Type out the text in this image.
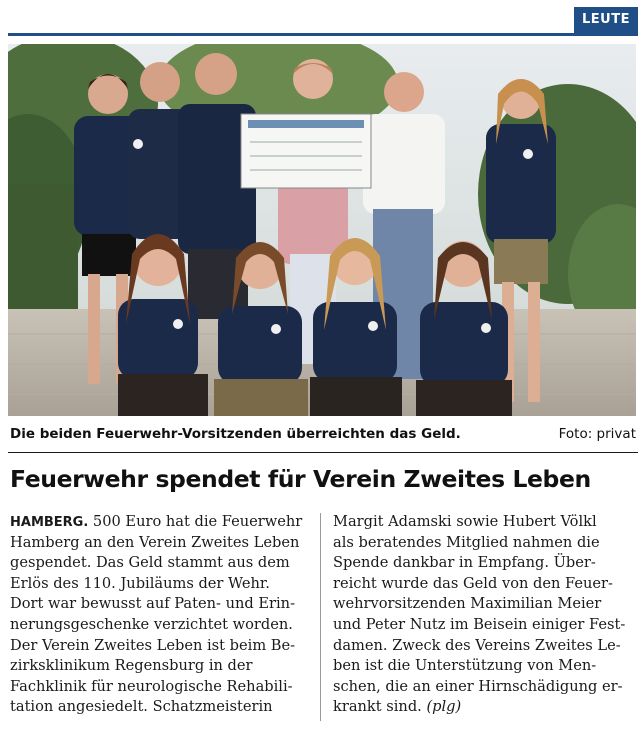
LEUTE
Die beiden Feuerwehr-Vorsitzenden überreichten das Geld.	Foto: privat
Feuerwehr spendet für Verein Zweites Leben
HAMBERG. 500 Euro hat die Feuerwehr
Hamberg an den Verein Zweites Leben
gespendet. Das Geld stammt aus dem
Erlös des 110. Jubiläums der Wehr.
Dort war bewusst auf Paten- und Erin-
nerungsgeschenke verzichtet worden.
Der Verein Zweites Leben ist beim Be-
zirksklinikum Regensburg in der
Fachklinik für neurologische Rehabili-
tation angesiedelt. Schatzmeisterin
Margit Adamski sowie Hubert Völkl
als beratendes Mitglied nahmen die
Spende dankbar in Empfang. Über-
reicht wurde das Geld von den Feuer-
wehrvorsitzenden Maximilian Meier
und Peter Nutz im Beisein einiger Fest-
damen. Zweck des Vereins Zweites Le-
ben ist die Unterstützung von Men-
schen, die an einer Hirnschädigung er-
krankt sind. (plg)
